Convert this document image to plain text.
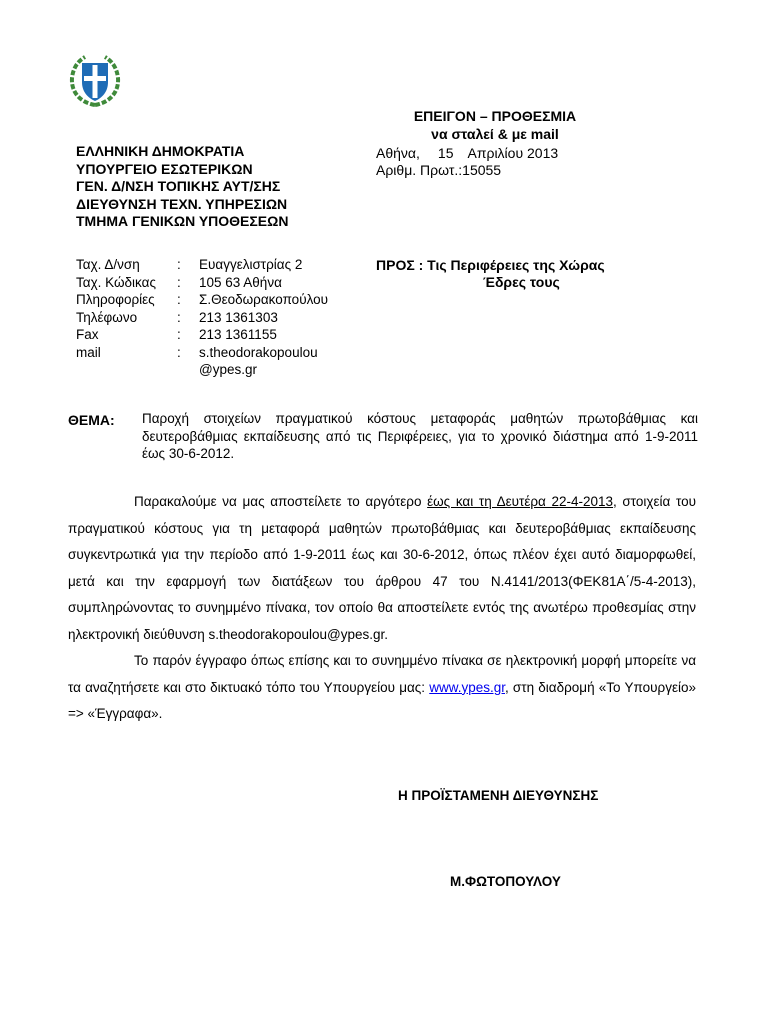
ΕΠΕΙΓΟΝ – ΠΡΟΘΕΣΜΙΑ
να σταλεί & με mail
ΕΛΛΗΝΙΚΗ ΔΗΜΟΚΡΑΤΙΑ
ΥΠΟΥΡΓΕΙΟ ΕΣΩΤΕΡΙΚΩΝ
ΓΕΝ. Δ/ΝΣΗ ΤΟΠΙΚΗΣ ΑΥΤ/ΣΗΣ
ΔΙΕΥΘΥΝΣΗ ΤΕΧΝ. ΥΠΗΡΕΣΙΩΝ
ΤΜΗΜΑ ΓΕΝΙΚΩΝ ΥΠΟΘΕΣΕΩΝ
Αθήνα, 15 Απριλίου 2013
Αριθμ. Πρωτ.:15055
Ταχ. Δ/νση	:	Ευαγγελιστρίας 2
Ταχ. Κώδικας	:	105 63 Αθήνα
Πληροφορίες	:	Σ.Θεοδωρακοπούλου
Τηλέφωνο	:	213 1361303
Fax	:	213 1361155
mail	:	s.theodorakopoulou
@ypes.gr
ΠΡΟΣ : Τις Περιφέρειες της Χώρας
Έδρες τους
ΘΕΜΑ: Παροχή στοιχείων πραγματικού κόστους μεταφοράς μαθητών πρωτοβάθμιας και δευτεροβάθμιας εκπαίδευσης από τις Περιφέρειες, για το χρονικό διάστημα από 1-9-2011 έως 30-6-2012.

Παρακαλούμε να μας αποστείλετε το αργότερο έως και τη Δευτέρα 22-4-2013, στοιχεία του πραγματικού κόστους για τη μεταφορά μαθητών πρωτοβάθμιας και δευτεροβάθμιας εκπαίδευσης συγκεντρωτικά για την περίοδο από 1-9-2011 έως και 30-6-2012, όπως πλέον έχει αυτό διαμορφωθεί, μετά και την εφαρμογή των διατάξεων του άρθρου 47 του Ν.4141/2013(ΦΕΚ81Α΄/5-4-2013), συμπληρώνοντας το συνημμένο πίνακα, τον οποίο θα αποστείλετε εντός της ανωτέρω προθεσμίας στην ηλεκτρονική διεύθυνση s.theodorakopoulou@ypes.gr.

Το παρόν έγγραφο όπως επίσης και το συνημμένο πίνακα σε ηλεκτρονική μορφή μπορείτε να τα αναζητήσετε και στο δικτυακό τόπο του Υπουργείου μας: www.ypes.gr, στη διαδρομή «Το Υπουργείο» => «Έγγραφα».

Η ΠΡΟΪΣΤΑΜΕΝΗ ΔΙΕΥΘΥΝΣΗΣ
Μ.ΦΩΤΟΠΟΥΛΟΥ
